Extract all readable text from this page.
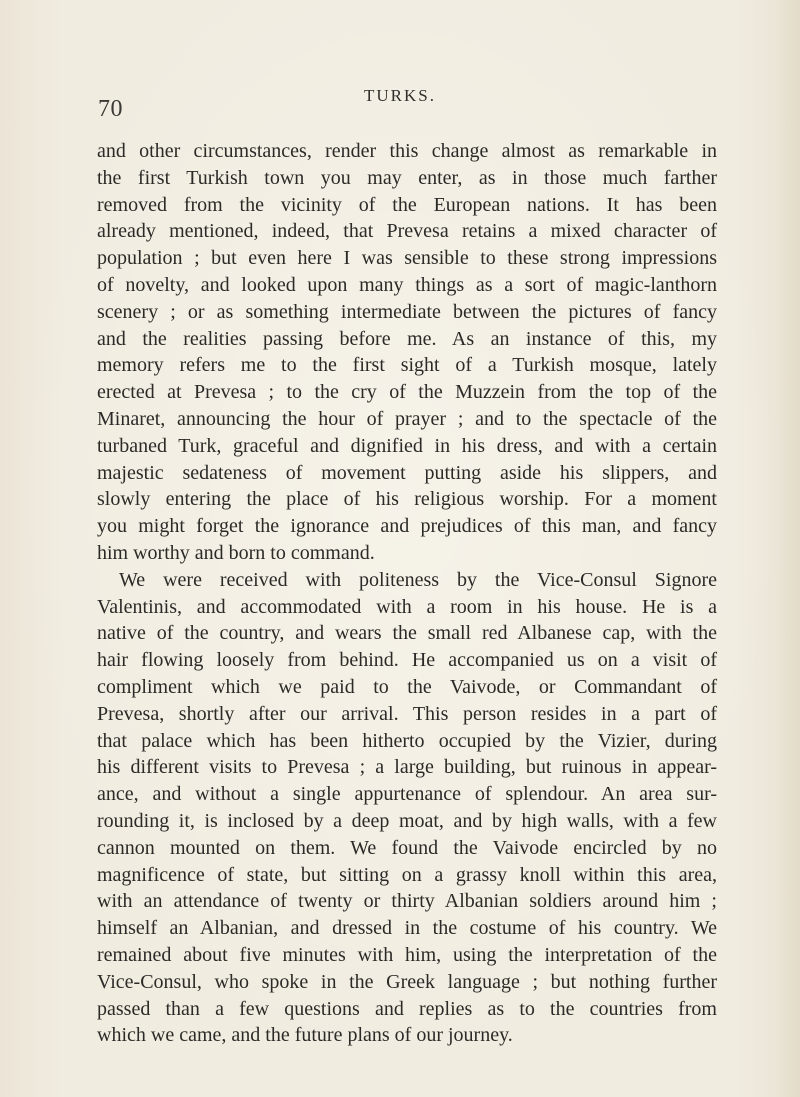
70
TURKS.
and other circumstances, render this change almost as remarkable in
the first Turkish town you may enter, as in those much farther
removed from the vicinity of the European nations. It has been
already mentioned, indeed, that Prevesa retains a mixed character of
population ; but even here I was sensible to these strong impressions
of novelty, and looked upon many things as a sort of magic-lanthorn
scenery ; or as something intermediate between the pictures of fancy
and the realities passing before me. As an instance of this, my
memory refers me to the first sight of a Turkish mosque, lately
erected at Prevesa ; to the cry of the Muzzein from the top of the
Minaret, announcing the hour of prayer ; and to the spectacle of the
turbaned Turk, graceful and dignified in his dress, and with a certain
majestic sedateness of movement putting aside his slippers, and
slowly entering the place of his religious worship. For a moment
you might forget the ignorance and prejudices of this man, and fancy
him worthy and born to command.
We were received with politeness by the Vice-Consul Signore
Valentinis, and accommodated with a room in his house. He is a
native of the country, and wears the small red Albanese cap, with the
hair flowing loosely from behind. He accompanied us on a visit of
compliment which we paid to the Vaivode, or Commandant of
Prevesa, shortly after our arrival. This person resides in a part of
that palace which has been hitherto occupied by the Vizier, during
his different visits to Prevesa ; a large building, but ruinous in appear-
ance, and without a single appurtenance of splendour. An area sur-
rounding it, is inclosed by a deep moat, and by high walls, with a few
cannon mounted on them. We found the Vaivode encircled by no
magnificence of state, but sitting on a grassy knoll within this area,
with an attendance of twenty or thirty Albanian soldiers around him ;
himself an Albanian, and dressed in the costume of his country. We
remained about five minutes with him, using the interpretation of the
Vice-Consul, who spoke in the Greek language ; but nothing further
passed than a few questions and replies as to the countries from
which we came, and the future plans of our journey.
